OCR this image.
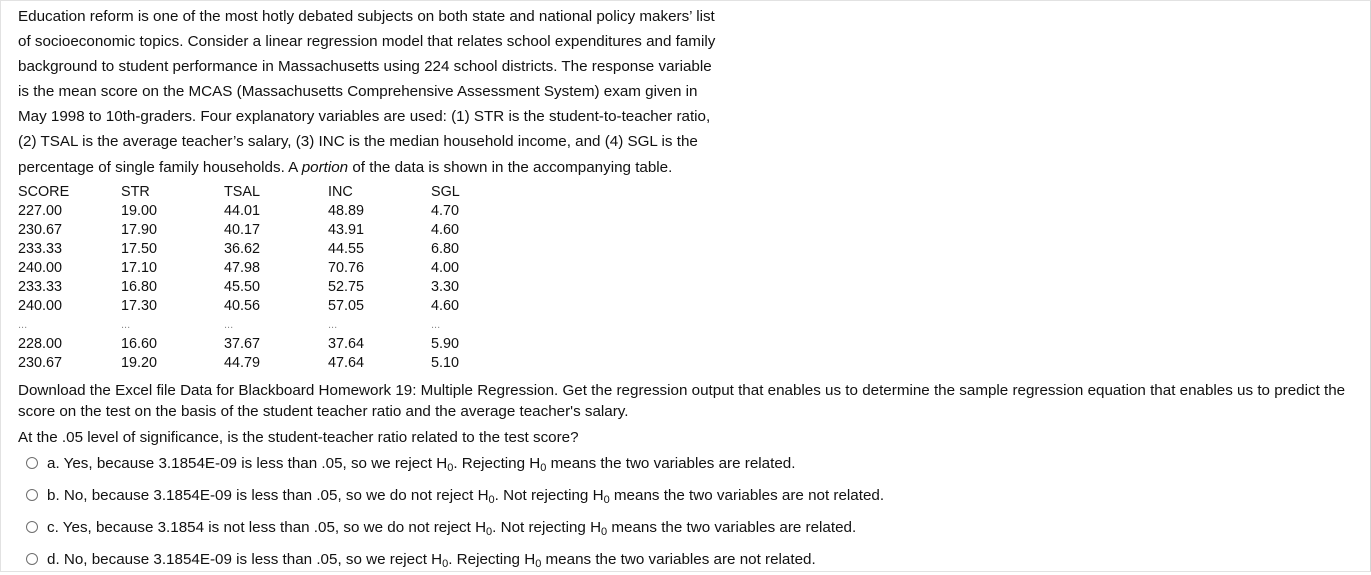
Education reform is one of the most hotly debated subjects on both state and national policy makers’ list
of socioeconomic topics. Consider a linear regression model that relates school expenditures and family
background to student performance in Massachusetts using 224 school districts. The response variable
is the mean score on the MCAS (Massachusetts Comprehensive Assessment System) exam given in
May 1998 to 10th-graders. Four explanatory variables are used: (1) STR is the student-to-teacher ratio,
(2) TSAL is the average teacher’s salary, (3) INC is the median household income, and (4) SGL is the
percentage of single family households. A portion of the data is shown in the accompanying table.

SCORE	STR	TSAL	INC	SGL
227.00	19.00	44.01	48.89	4.70
230.67	17.90	40.17	43.91	4.60
233.33	17.50	36.62	44.55	6.80
240.00	17.10	47.98	70.76	4.00
233.33	16.80	45.50	52.75	3.30
240.00	17.30	40.56	57.05	4.60
...	...	...	...	...
228.00	16.60	37.67	37.64	5.90
230.67	19.20	44.79	47.64	5.10

Download the Excel file Data for Blackboard Homework 19: Multiple Regression. Get the regression output that enables us to determine the sample regression equation that enables us to predict the score on the test on the basis of the student teacher ratio and the average teacher's salary.

At the .05 level of significance, is the student-teacher ratio related to the test score?

a. Yes, because 3.1854E-09 is less than .05, so we reject $H_0$. Rejecting $H_0$ means the two variables are related.
b. No, because 3.1854E-09 is less than .05, so we do not reject $H_0$. Not rejecting $H_0$ means the two variables are not related.
c. Yes, because 3.1854 is not less than .05, so we do not reject $H_0$. Not rejecting $H_0$ means the two variables are related.
d. No, because 3.1854E-09 is less than .05, so we reject $H_0$. Rejecting $H_0$ means the two variables are not related.
